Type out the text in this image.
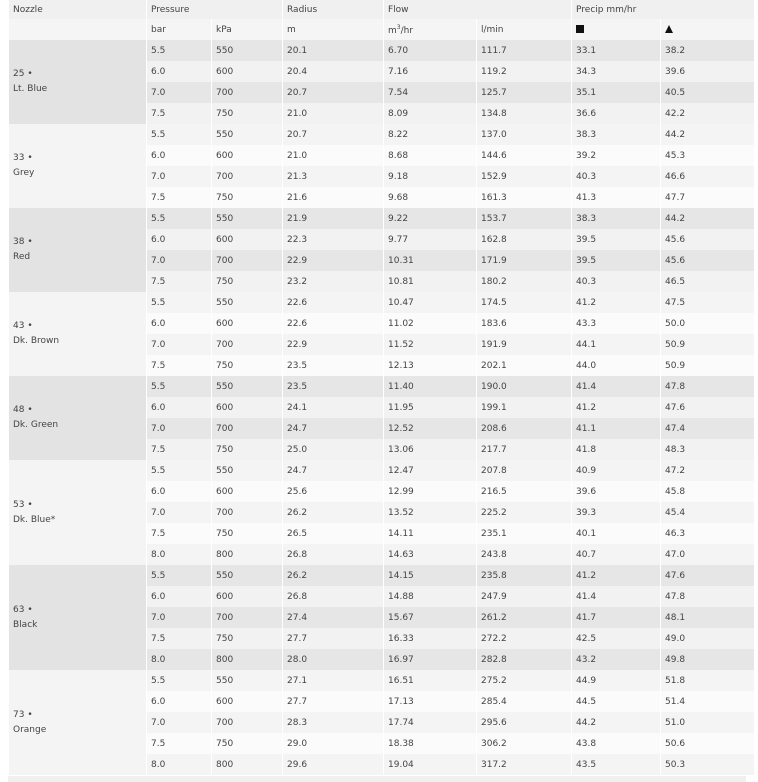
Nozzle	Pressure		Radius	Flow		Precip mm/hr	
	bar	kPa	m	$m^3/hr$	l/min		

25 •
Lt. Blue	5.5	550	20.1	6.70	111.7	33.1	38.2
	6.0	600	20.4	7.16	119.2	34.3	39.6
	7.0	700	20.7	7.54	125.7	35.1	40.5
	7.5	750	21.0	8.09	134.8	36.6	42.2

33 •
Grey	5.5	550	20.7	8.22	137.0	38.3	44.2
	6.0	600	21.0	8.68	144.6	39.2	45.3
	7.0	700	21.3	9.18	152.9	40.3	46.6
	7.5	750	21.6	9.68	161.3	41.3	47.7

38 •
Red	5.5	550	21.9	9.22	153.7	38.3	44.2
	6.0	600	22.3	9.77	162.8	39.5	45.6
	7.0	700	22.9	10.31	171.9	39.5	45.6
	7.5	750	23.2	10.81	180.2	40.3	46.5

43 •
Dk. Brown	5.5	550	22.6	10.47	174.5	41.2	47.5
	6.0	600	22.6	11.02	183.6	43.3	50.0
	7.0	700	22.9	11.52	191.9	44.1	50.9
	7.5	750	23.5	12.13	202.1	44.0	50.9

48 •
Dk. Green	5.5	550	23.5	11.40	190.0	41.4	47.8
	6.0	600	24.1	11.95	199.1	41.2	47.6
	7.0	700	24.7	12.52	208.6	41.1	47.4
	7.5	750	25.0	13.06	217.7	41.8	48.3

53 •
Dk. Blue*	5.5	550	24.7	12.47	207.8	40.9	47.2
	6.0	600	25.6	12.99	216.5	39.6	45.8
	7.0	700	26.2	13.52	225.2	39.3	45.4
	7.5	750	26.5	14.11	235.1	40.1	46.3
	8.0	800	26.8	14.63	243.8	40.7	47.0

63 •
Black	5.5	550	26.2	14.15	235.8	41.2	47.6
	6.0	600	26.8	14.88	247.9	41.4	47.8
	7.0	700	27.4	15.67	261.2	41.7	48.1
	7.5	750	27.7	16.33	272.2	42.5	49.0
	8.0	800	28.0	16.97	282.8	43.2	49.8

73 •
Orange	5.5	550	27.1	16.51	275.2	44.9	51.8
	6.0	600	27.7	17.13	285.4	44.5	51.4
	7.0	700	28.3	17.74	295.6	44.2	51.0
	7.5	750	29.0	18.38	306.2	43.8	50.6
	8.0	800	29.6	19.04	317.2	43.5	50.3
